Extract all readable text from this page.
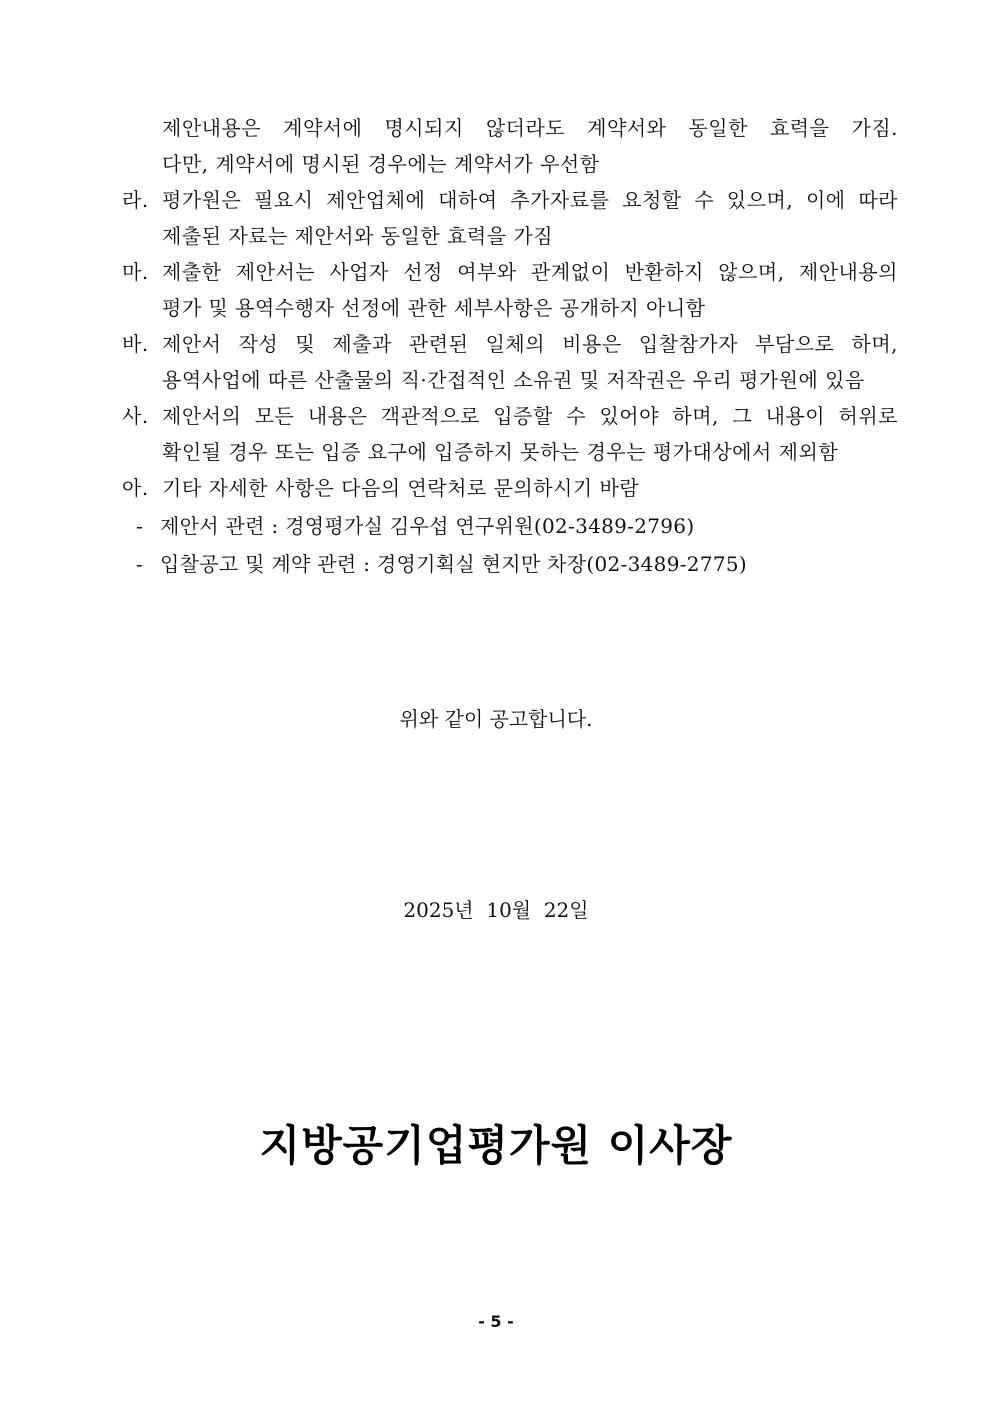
제안내용은 계약서에 명시되지 않더라도 계약서와 동일한 효력을 가짐.
다만, 계약서에 명시된 경우에는 계약서가 우선함
라. 평가원은 필요시 제안업체에 대하여 추가자료를 요청할 수 있으며, 이에 따라
제출된 자료는 제안서와 동일한 효력을 가짐
마. 제출한 제안서는 사업자 선정 여부와 관계없이 반환하지 않으며, 제안내용의
평가 및 용역수행자 선정에 관한 세부사항은 공개하지 아니함
바. 제안서 작성 및 제출과 관련된 일체의 비용은 입찰참가자 부담으로 하며,
용역사업에 따른 산출물의 직·간접적인 소유권 및 저작권은 우리 평가원에 있음
사. 제안서의 모든 내용은 객관적으로 입증할 수 있어야 하며, 그 내용이 허위로
확인될 경우 또는 입증 요구에 입증하지 못하는 경우는 평가대상에서 제외함
아. 기타 자세한 사항은 다음의 연락처로 문의하시기 바람
- 제안서 관련 : 경영평가실 김우섭 연구위원(02-3489-2796)
- 입찰공고 및 계약 관련 : 경영기획실 현지만 차장(02-3489-2775)
위와 같이 공고합니다.
2025년  10월  22일
지방공기업평가원 이사장
- 5 -
